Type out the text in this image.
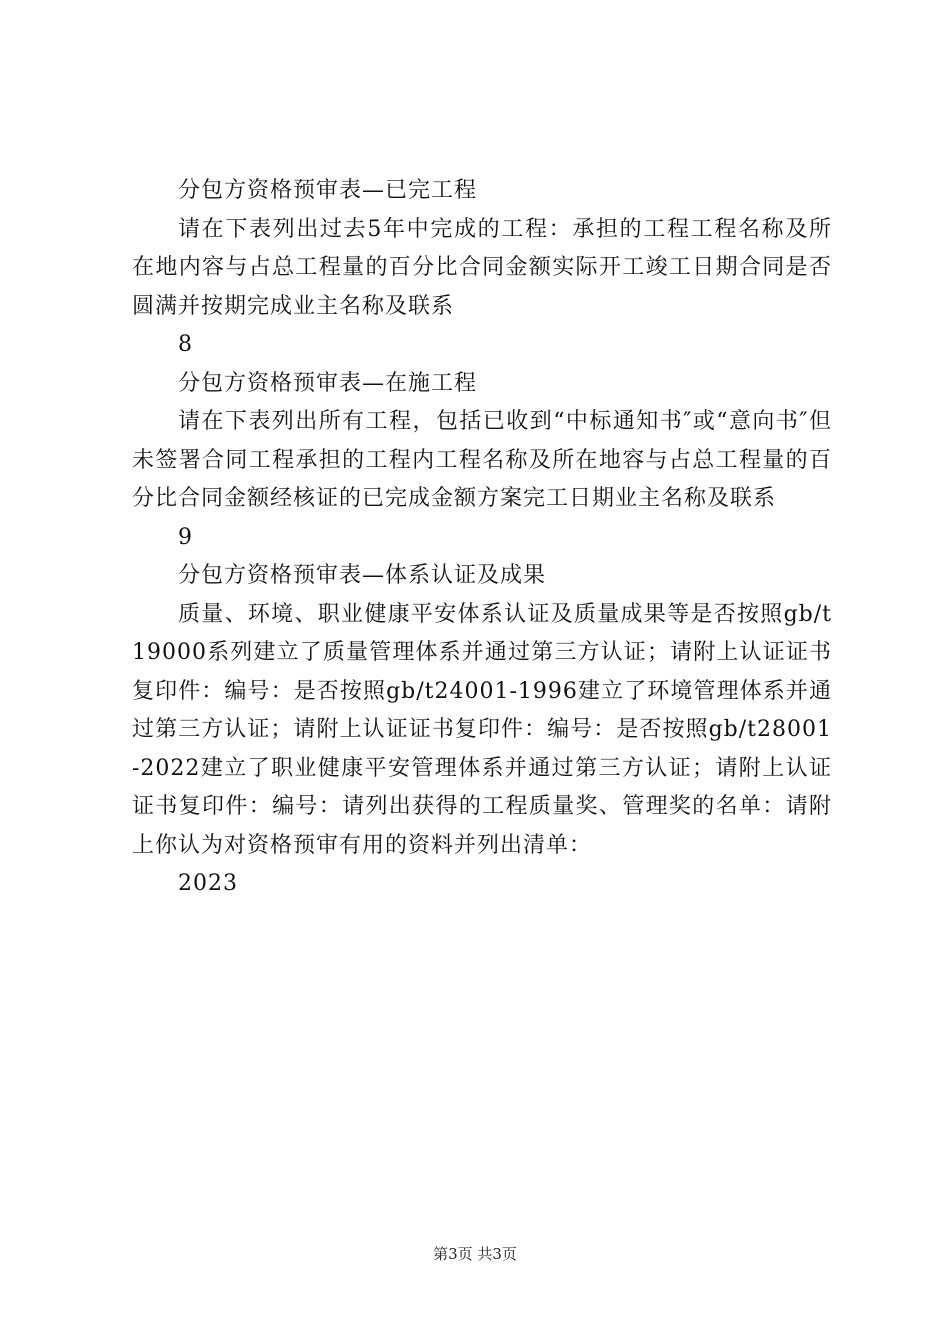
分包方资格预审表—已完工程

请在下表列出过去5年中完成的工程：承担的工程工程名称及所在地内容与占总工程量的百分比合同金额实际开工竣工日期合同是否圆满并按期完成业主名称及联系

8

分包方资格预审表—在施工程

请在下表列出所有工程，包括已收到“中标通知书″或“意向书″但未签署合同工程承担的工程内工程名称及所在地容与占总工程量的百分比合同金额经核证的已完成金额方案完工日期业主名称及联系

9

分包方资格预审表—体系认证及成果

质量、环境、职业健康平安体系认证及质量成果等是否按照gb/t19000系列建立了质量管理体系并通过第三方认证；请附上认证证书复印件：编号：是否按照gb/t24001-1996建立了环境管理体系并通过第三方认证；请附上认证证书复印件：编号：是否按照gb/t28001-2022建立了职业健康平安管理体系并通过第三方认证；请附上认证证书复印件：编号：请列出获得的工程质量奖、管理奖的名单：请附上你认为对资格预审有用的资料并列出清单：

2023

第3页 共3页
